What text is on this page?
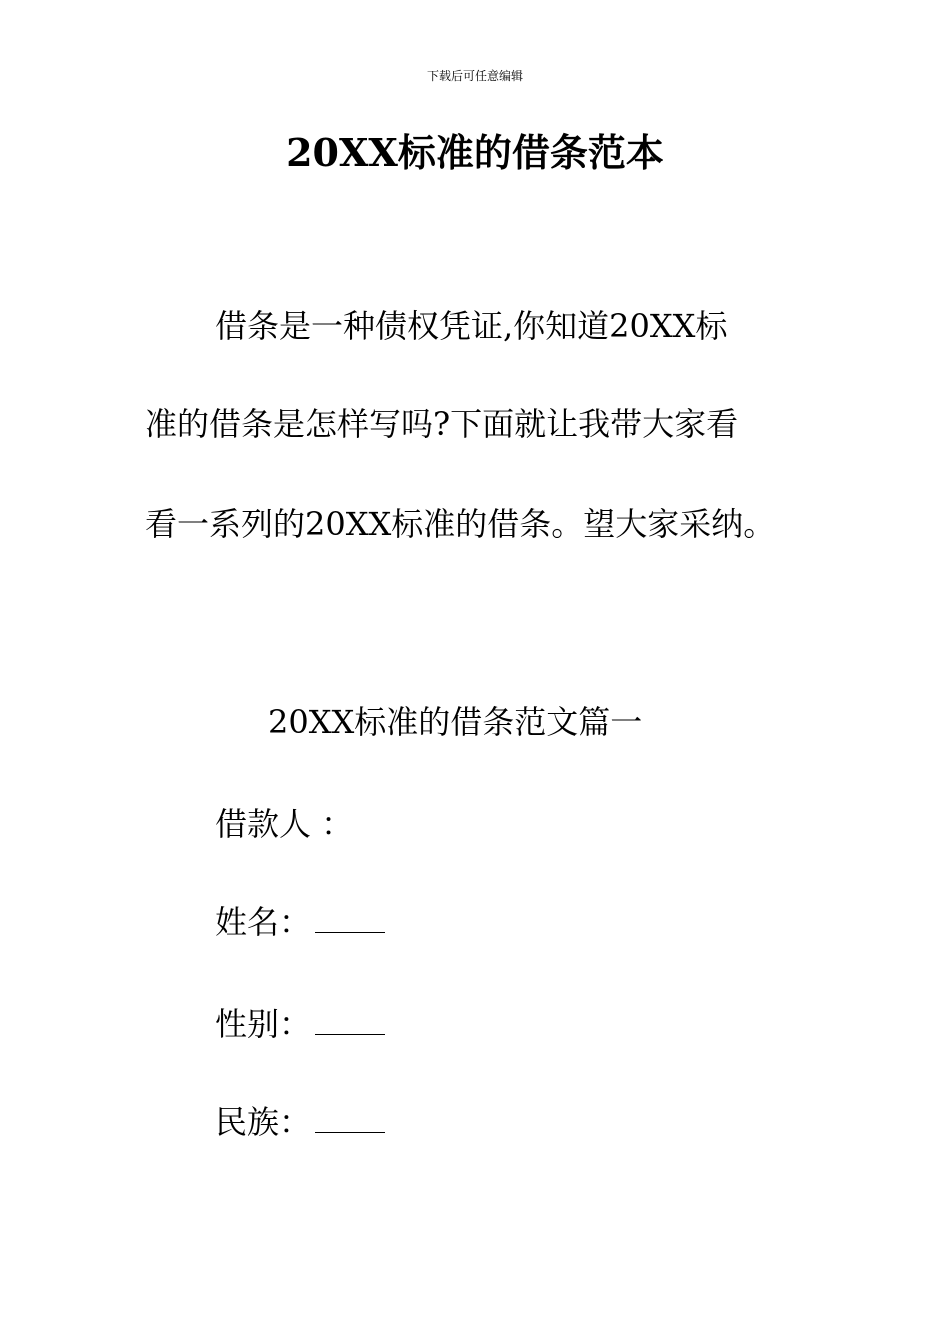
下载后可任意编辑
20XX标准的借条范本
借条是一种债权凭证,你知道20XX标
准的借条是怎样写吗?下面就让我带大家看
看一系列的20XX标准的借条。望大家采纳。
20XX标准的借条范文篇一
借款人 ：
姓名：
性别：
民族：
